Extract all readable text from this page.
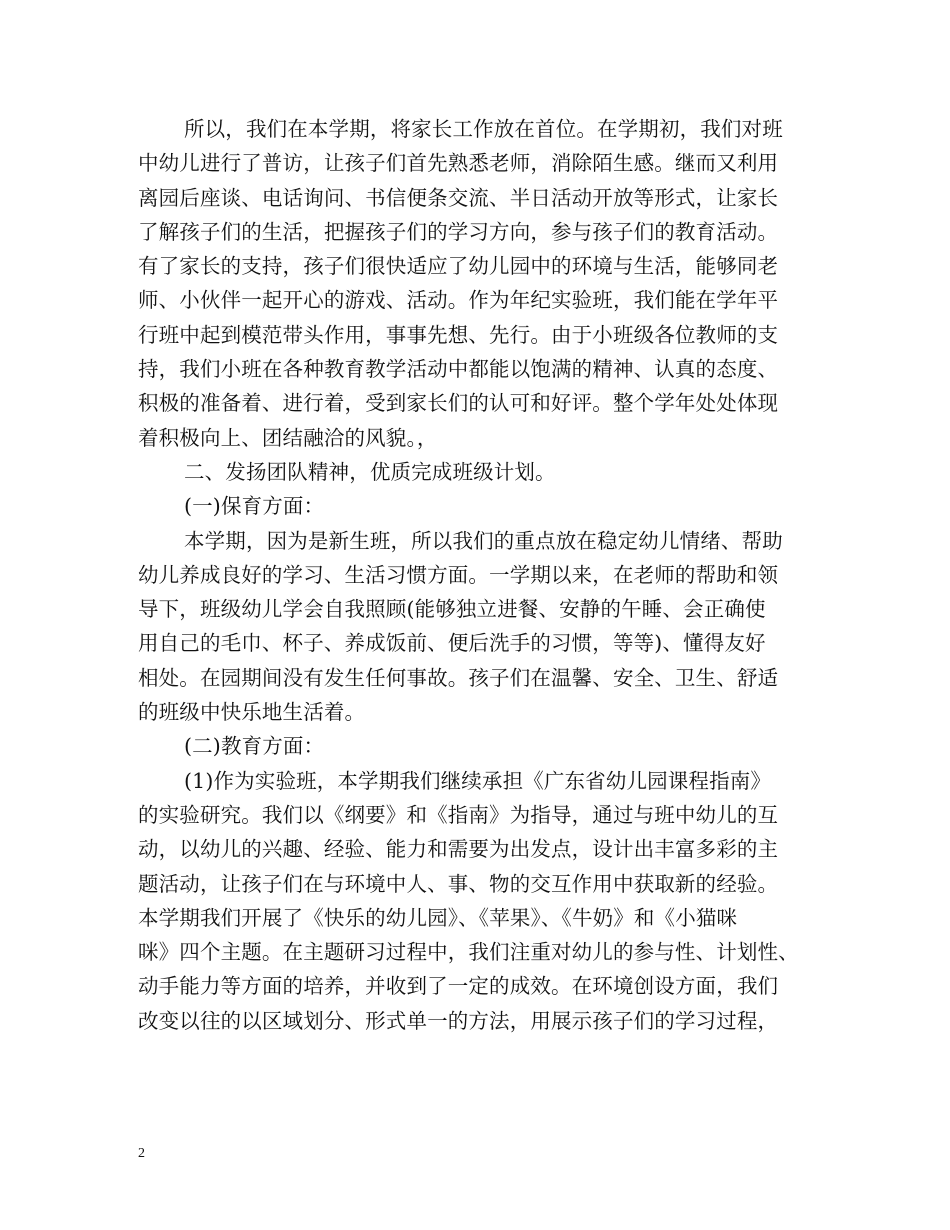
所以，我们在本学期，将家长工作放在首位。在学期初，我们对班
中幼儿进行了普访，让孩子们首先熟悉老师，消除陌生感。继而又利用
离园后座谈、电话询问、书信便条交流、半日活动开放等形式，让家长
了解孩子们的生活，把握孩子们的学习方向，参与孩子们的教育活动。
有了家长的支持，孩子们很快适应了幼儿园中的环境与生活，能够同老
师、小伙伴一起开心的游戏、活动。作为年纪实验班，我们能在学年平
行班中起到模范带头作用，事事先想、先行。由于小班级各位教师的支
持，我们小班在各种教育教学活动中都能以饱满的精神、认真的态度、
积极的准备着、进行着，受到家长们的认可和好评。整个学年处处体现
着积极向上、团结融洽的风貌。，
二、发扬团队精神，优质完成班级计划。
(一)保育方面：
本学期，因为是新生班，所以我们的重点放在稳定幼儿情绪、帮助
幼儿养成良好的学习、生活习惯方面。一学期以来，在老师的帮助和领
导下，班级幼儿学会自我照顾(能够独立进餐、安静的午睡、会正确使
用自己的毛巾、杯子、养成饭前、便后洗手的习惯，等等)、懂得友好
相处。在园期间没有发生任何事故。孩子们在温馨、安全、卫生、舒适
的班级中快乐地生活着。
(二)教育方面：
(1)作为实验班，本学期我们继续承担《广东省幼儿园课程指南》
的实验研究。我们以《纲要》和《指南》为指导，通过与班中幼儿的互
动，以幼儿的兴趣、经验、能力和需要为出发点，设计出丰富多彩的主
题活动，让孩子们在与环境中人、事、物的交互作用中获取新的经验。
本学期我们开展了《快乐的幼儿园》、《苹果》、《牛奶》和《小猫咪
咪》四个主题。在主题研习过程中，我们注重对幼儿的参与性、计划性、
动手能力等方面的培养，并收到了一定的成效。在环境创设方面，我们
改变以往的以区域划分、形式单一的方法，用展示孩子们的学习过程，
2
